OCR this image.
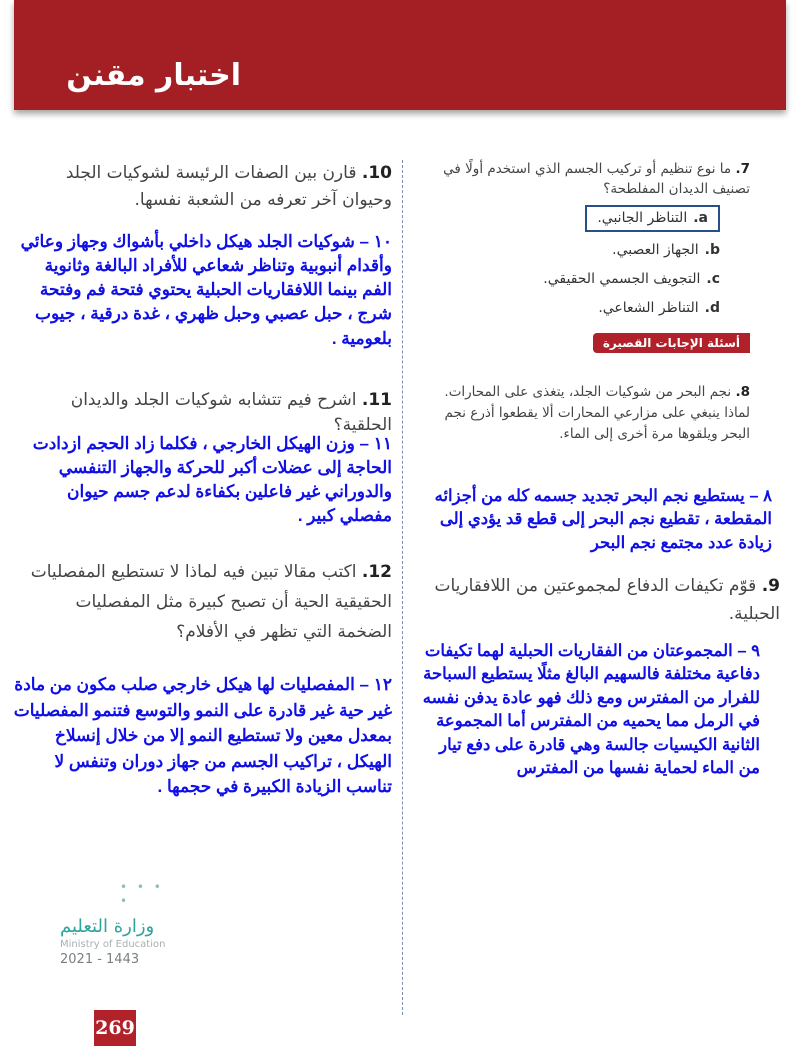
اختبار مقنن
7. ما نوع تنظيم أو تركيب الجسم الذي استخدم أولًا في تصنيف الديدان المفلطحة؟
a.التناظر الجانبي.
b.الجهاز العصبي.
c.التجويف الجسمي الحقيقي.
d.التناظر الشعاعي.
أسئلة الإجابات القصيرة
8. نجم البحر من شوكيات الجلد، يتغذى على المحارات. لماذا ينبغي على مزارعي المحارات ألا يقطعوا أذرع نجم البحر ويلقوها مرة أخرى إلى الماء.
٨ – يستطيع نجم البحر تجديد جسمه كله من أجزائه المقطعة ، تقطيع نجم البحر إلى قطع قد يؤدي إلى زيادة عدد مجتمع نجم البحر
9. قوّم تكيفات الدفاع لمجموعتين من اللافقاريات الحبلية.
٩ – المجموعتان من الفقاريات الحبلية لهما تكيفات دفاعية مختلفة فالسهيم البالغ مثلًا يستطيع السباحة للفرار من المفترس ومع ذلك فهو عادة يدفن نفسه في الرمل مما يحميه من المفترس أما المجموعة الثانية الكيسيات جالسة وهي قادرة على دفع تيار من الماء لحماية نفسها من المفترس
10. قارن بين الصفات الرئيسة لشوكيات الجلد وحيوان آخر تعرفه من الشعبة نفسها.
١٠ – شوكيات الجلد هيكل داخلي بأشواك وجهاز وعائي وأقدام أنبوبية وتناظر شعاعي للأفراد البالغة وثانوية الفم بينما اللافقاريات الحبلية يحتوي فتحة فم وفتحة شرج ، حبل عصبي وحبل ظهري ، غدة درقية ، جيوب بلعومية .
11. اشرح فيم تتشابه شوكيات الجلد والديدان الحلقية؟
١١ – وزن الهيكل الخارجي ، فكلما زاد الحجم ازدادت الحاجة إلى عضلات أكبر للحركة والجهاز التنفسي والدوراني غير فاعلين بكفاءة لدعم جسم حيوان مفصلي كبير .
12. اكتب مقالا تبين فيه لماذا لا تستطيع المفصليات الحقيقية الحية أن تصبح كبيرة مثل المفصليات الضخمة التي تظهر في الأفلام؟
١٢ – المفصليات لها هيكل خارجي صلب مكون من مادة غير حية غير قادرة على النمو والتوسع فتنمو المفصليات بمعدل معين ولا تستطيع النمو إلا من خلال إنسلاخ الهيكل ، تراكيب الجسم من جهاز دوران وتنفس لا تناسب الزيادة الكبيرة في حجمها .
• • • •
وزارة التعليم
Ministry of Education
2021 - 1443
269
